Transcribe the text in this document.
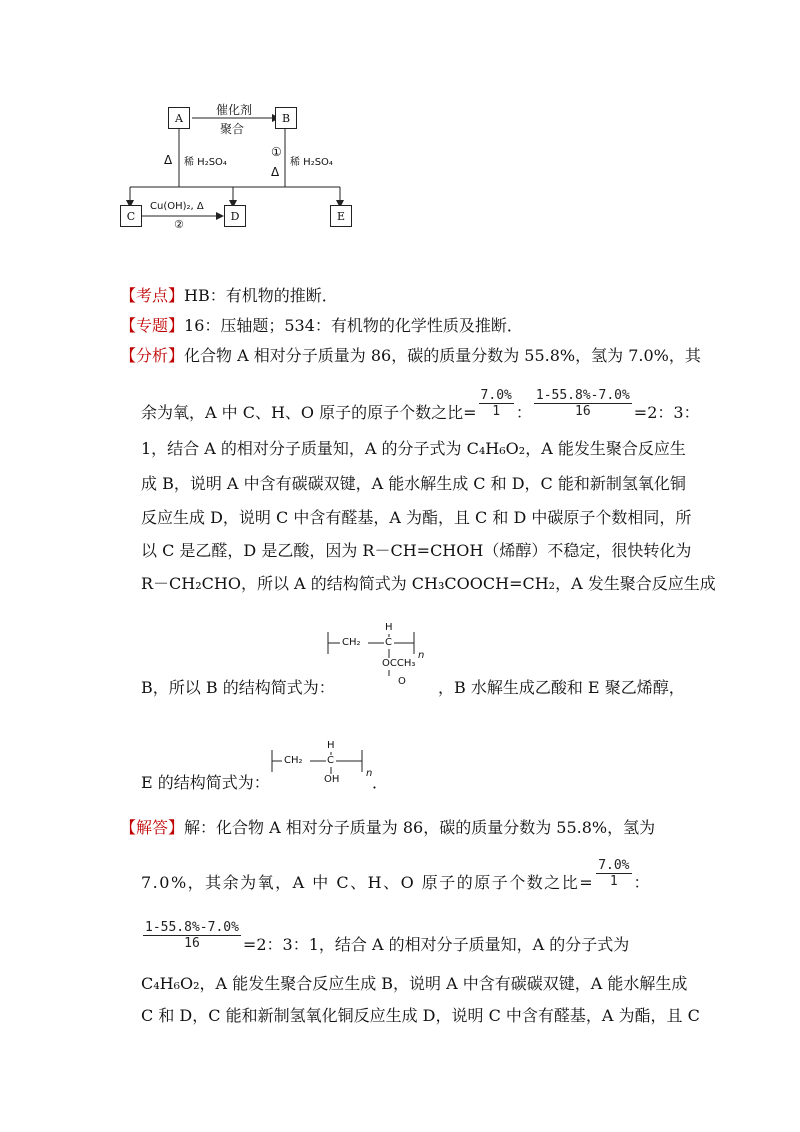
A	B
C	D	E
催化剂
聚合
Δ 稀 H₂SO₄
①
Δ
稀 H₂SO₄
Cu(OH)₂, Δ
②
【考点】HB：有机物的推断．
【专题】16：压轴题；534：有机物的化学性质及推断．
【分析】化合物 A 相对分子质量为 86，碳的质量分数为 55.8%，氢为 7.0%，其
余为氧，A 中 C、H、O 原子的原子个数之比= $\frac{7.0\%}{1}$ ： $\frac{1-55.8\%-7.0\%}{16} =2$：3：
1，结合 A 的相对分子质量知，A 的分子式为 C₄H₆O₂，A 能发生聚合反应生
成 B，说明 A 中含有碳碳双键，A 能水解生成 C 和 D，C 能和新制氢氧化铜
反应生成 D，说明 C 中含有醛基，A 为酯，且 C 和 D 中碳原子个数相同，所
以 C 是乙醛，D 是乙酸，因为 R－CH=CHOH（烯醇）不稳定，很快转化为
R－CH₂CHO，所以 A 的结构简式为 CH₃COOCH=CH₂，A 发生聚合反应生成
CH₂
H
C
OCCH₃
O
n
B，所以 B 的结构简式为：	，B 水解生成乙酸和 E 聚乙烯醇，
CH₂
H
C
OH
n
E 的结构简式为：	．
【解答】解：化合物 A 相对分子质量为 86，碳的质量分数为 55.8%，氢为
7.0%，其余为氧，A 中 C、H、O 原子的原子个数之比= $\frac{7.0\%}{1}$ ：
$\frac{1-55.8\%-7.0\%}{16} =2$：3：1，结合 A 的相对分子质量知，A 的分子式为
C₄H₆O₂，A 能发生聚合反应生成 B，说明 A 中含有碳碳双键，A 能水解生成
C 和 D，C 能和新制氢氧化铜反应生成 D，说明 C 中含有醛基，A 为酯，且 C
